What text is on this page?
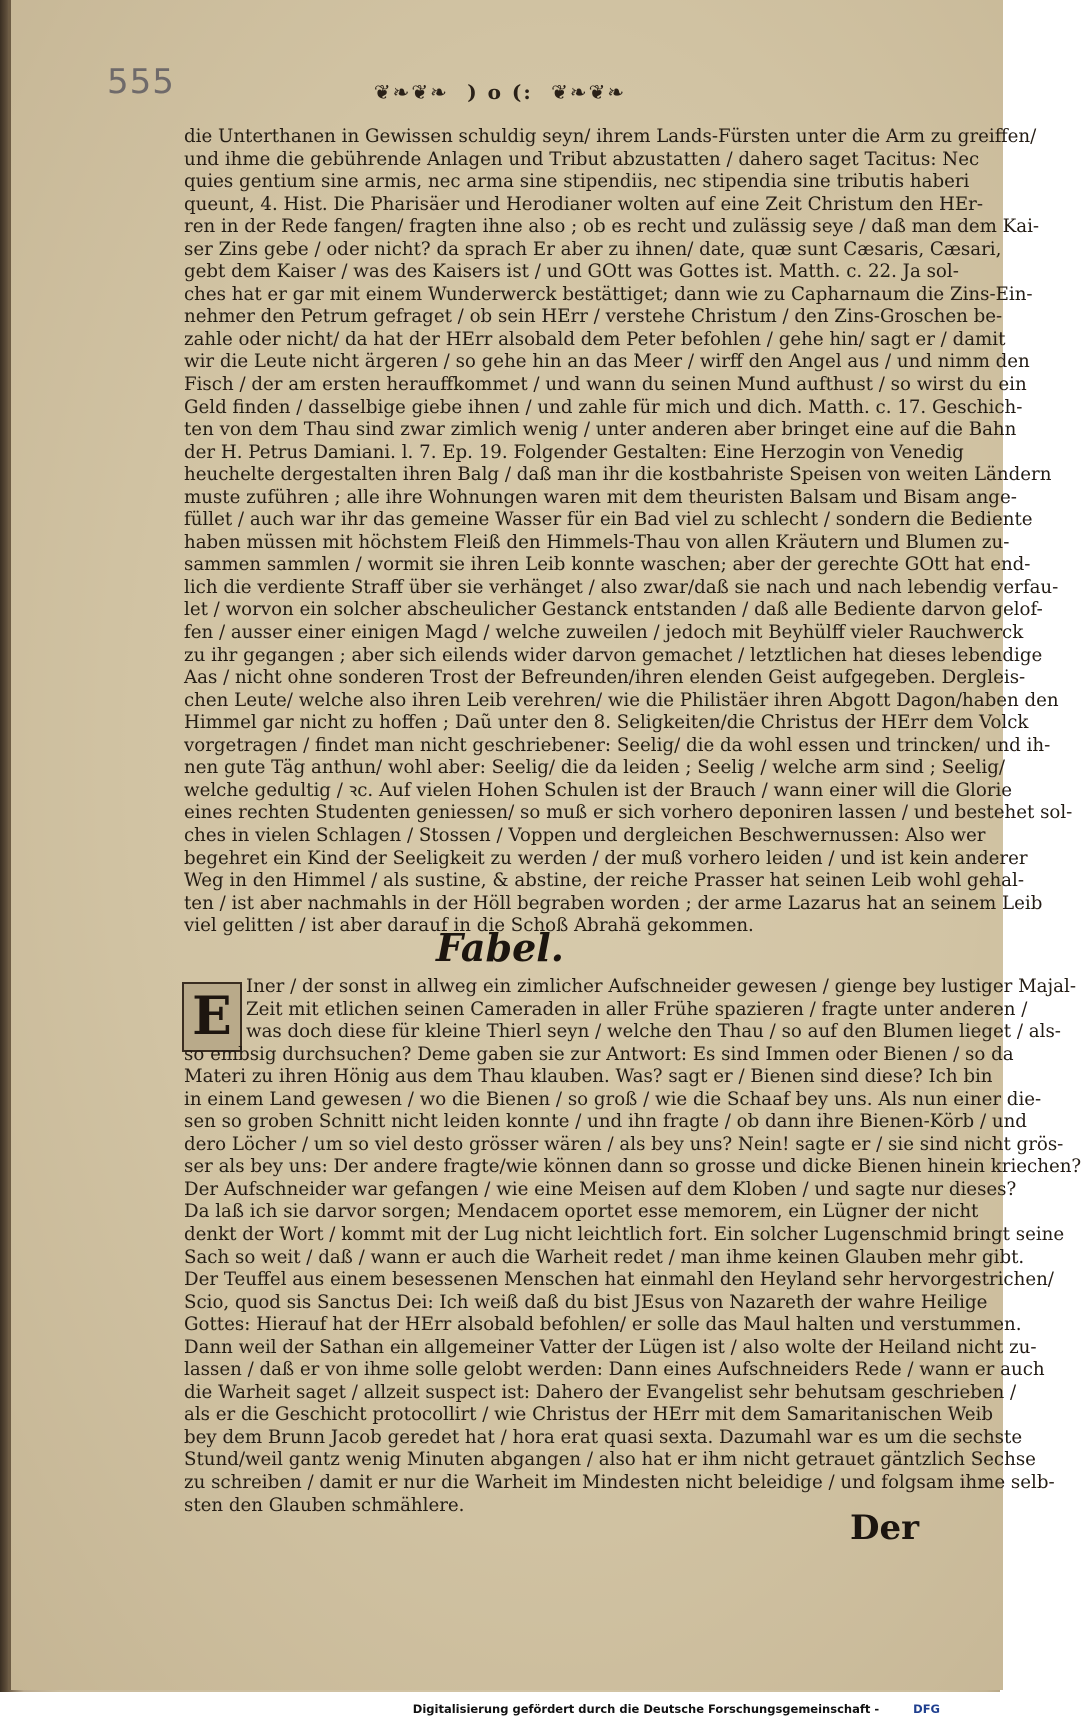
555	❦❧❦❧ ) o (: ❦❧❦❧
die Unterthanen in Gewissen schuldig seyn/ ihrem Lands-Fürsten unter die Arm zu greiffen/
und ihme die gebührende Anlagen und Tribut abzustatten / dahero saget Tacitus: Nec
quies gentium sine armis, nec arma sine stipendiis, nec stipendia sine tributis haberi
queunt, 4. Hist. Die Pharisäer und Herodianer wolten auf eine Zeit Christum den HEr-
ren in der Rede fangen/ fragten ihne also ; ob es recht und zulässig seye / daß man dem Kai-
ser Zins gebe / oder nicht? da sprach Er aber zu ihnen/ date, quæ sunt Cæsaris, Cæsari,
gebt dem Kaiser / was des Kaisers ist / und GOtt was Gottes ist. Matth. c. 22. Ja sol-
ches hat er gar mit einem Wunderwerck bestättiget; dann wie zu Capharnaum die Zins-Ein-
nehmer den Petrum gefraget / ob sein HErr / verstehe Christum / den Zins-Groschen be-
zahle oder nicht/ da hat der HErr alsobald dem Peter befohlen / gehe hin/ sagt er / damit
wir die Leute nicht ärgeren / so gehe hin an das Meer / wirff den Angel aus / und nimm den
Fisch / der am ersten herauffkommet / und wann du seinen Mund aufthust / so wirst du ein
Geld finden / dasselbige giebe ihnen / und zahle für mich und dich. Matth. c. 17. Geschich-
ten von dem Thau sind zwar zimlich wenig / unter anderen aber bringet eine auf die Bahn
der H. Petrus Damiani. l. 7. Ep. 19. Folgender Gestalten: Eine Herzogin von Venedig
heuchelte dergestalten ihren Balg / daß man ihr die kostbahriste Speisen von weiten Ländern
muste zuführen ; alle ihre Wohnungen waren mit dem theuristen Balsam und Bisam ange-
füllet / auch war ihr das gemeine Wasser für ein Bad viel zu schlecht / sondern die Bediente
haben müssen mit höchstem Fleiß den Himmels-Thau von allen Kräutern und Blumen zu-
sammen sammlen / wormit sie ihren Leib konnte waschen; aber der gerechte GOtt hat end-
lich die verdiente Straff über sie verhänget / also zwar/daß sie nach und nach lebendig verfau-
let / worvon ein solcher abscheulicher Gestanck entstanden / daß alle Bediente darvon gelof-
fen / ausser einer einigen Magd / welche zuweilen / jedoch mit Beyhülff vieler Rauchwerck
zu ihr gegangen ; aber sich eilends wider darvon gemachet / letztlichen hat dieses lebendige
Aas / nicht ohne sonderen Trost der Befreunden/ihren elenden Geist aufgegeben. Dergleis-
chen Leute/ welche also ihren Leib verehren/ wie die Philistäer ihren Abgott Dagon/haben den
Himmel gar nicht zu hoffen ; Daũ unter den 8. Seligkeiten/die Christus der HErr dem Volck
vorgetragen / findet man nicht geschriebener: Seelig/ die da wohl essen und trincken/ und ih-
nen gute Täg anthun/ wohl aber: Seelig/ die da leiden ; Seelig / welche arm sind ; Seelig/
welche gedultig / ꝛc. Auf vielen Hohen Schulen ist der Brauch / wann einer will die Glorie
eines rechten Studenten geniessen/ so muß er sich vorhero deponiren lassen / und bestehet sol-
ches in vielen Schlagen / Stossen / Voppen und dergleichen Beschwernussen: Also wer
begehret ein Kind der Seeligkeit zu werden / der muß vorhero leiden / und ist kein anderer
Weg in den Himmel / als sustine, & abstine, der reiche Prasser hat seinen Leib wohl gehal-
ten / ist aber nachmahls in der Höll begraben worden ; der arme Lazarus hat an seinem Leib
viel gelitten / ist aber darauf in die Schoß Abrahä gekommen.
Fabel.
E Iner / der sonst in allweg ein zimlicher Aufschneider gewesen / gienge bey lustiger Majal-
Zeit mit etlichen seinen Cameraden in aller Frühe spazieren / fragte unter anderen /
was doch diese für kleine Thierl seyn / welche den Thau / so auf den Blumen lieget / als-
so embsig durchsuchen? Deme gaben sie zur Antwort: Es sind Immen oder Bienen / so da
Materi zu ihren Hönig aus dem Thau klauben. Was? sagt er / Bienen sind diese? Ich bin
in einem Land gewesen / wo die Bienen / so groß / wie die Schaaf bey uns. Als nun einer die-
sen so groben Schnitt nicht leiden konnte / und ihn fragte / ob dann ihre Bienen-Körb / und
dero Löcher / um so viel desto grösser wären / als bey uns? Nein! sagte er / sie sind nicht grös-
ser als bey uns: Der andere fragte/wie können dann so grosse und dicke Bienen hinein kriechen?
Der Aufschneider war gefangen / wie eine Meisen auf dem Kloben / und sagte nur dieses?
Da laß ich sie darvor sorgen; Mendacem oportet esse memorem, ein Lügner der nicht
denkt der Wort / kommt mit der Lug nicht leichtlich fort. Ein solcher Lugenschmid bringt seine
Sach so weit / daß / wann er auch die Warheit redet / man ihme keinen Glauben mehr gibt.
Der Teuffel aus einem besessenen Menschen hat einmahl den Heyland sehr hervorgestrichen/
Scio, quod sis Sanctus Dei: Ich weiß daß du bist JEsus von Nazareth der wahre Heilige
Gottes: Hierauf hat der HErr alsobald befohlen/ er solle das Maul halten und verstummen.
Dann weil der Sathan ein allgemeiner Vatter der Lügen ist / also wolte der Heiland nicht zu-
lassen / daß er von ihme solle gelobt werden: Dann eines Aufschneiders Rede / wann er auch
die Warheit saget / allzeit suspect ist: Dahero der Evangelist sehr behutsam geschrieben /
als er die Geschicht protocollirt / wie Christus der HErr mit dem Samaritanischen Weib
bey dem Brunn Jacob geredet hat / hora erat quasi sexta. Dazumahl war es um die sechste
Stund/weil gantz wenig Minuten abgangen / also hat er ihm nicht getrauet gäntzlich Sechse
zu schreiben / damit er nur die Warheit im Mindesten nicht beleidige / und folgsam ihme selb-
sten den Glauben schmählere.
Der
Digitalisierung gefördert durch die Deutsche Forschungsgemeinschaft -	DFG
